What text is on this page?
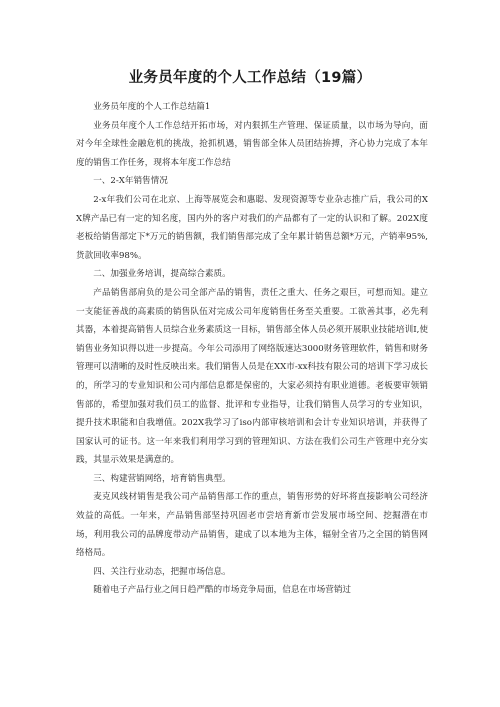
业务员年度的个人工作总结（19篇）

业务员年度的个人工作总结篇1

业务员年度个人工作总结开拓市场，对内狠抓生产管理、保证质量，以市场为导向，面对今年全球性金融危机的挑战，抢抓机遇，销售部全体人员团结拚搏，齐心协力完成了本年度的销售工作任务，现将本年度工作总结

一、2-X年销售情况

2-x年我们公司在北京、上海等展览会和惠聪、发现资源等专业杂志推广后，我公司的XX牌产品已有一定的知名度，国内外的客户对我们的产品都有了一定的认识和了解。202X度老板给销售部定下*万元的销售额，我们销售部完成了全年累计销售总额*万元，产销率95%,货款回收率98%。

二、加强业务培训，提高综合素质。

产品销售部肩负的是公司全部产品的销售，责任之重大、任务之艰巨，可想而知。建立一支能征善战的高素质的销售队伍对完成公司年度销售任务至关重要。工欲善其事，必先利其器，本着提高销售人员综合业务素质这一目标，销售部全体人员必须开展职业技能培训I,使销售业务知识得以进一步提高。今年公司添用了网络版速达3000财务管理软件，销售和财务管理可以清晰的及时性反映出来。我们销售人员是在XX市-xx科技有限公司的培训下学习成长的，所学习的专业知识和公司内部信息都是保密的，大家必须持有职业道德。老板要审领销售部的，希望加强对我们员工的监督、批评和专业指导，让我们销售人员学习的专业知识，提升技术职能和自我增值。202X我学习了iso内部审核培训和会计专业知识培训，并获得了国家认可的证书。这一年来我们利用学习到的管理知识、方法在我们公司生产管理中充分实践，其显示效果是满意的。

三、构建营销网络，培育销售典型。

麦克风线材销售是我公司产品销售部工作的重点，销售形势的好坏将直接影响公司经济效益的高低。一年来，产品销售部坚持巩固老市尝培育新市尝发展市场空间、挖掘潜在市场，利用我公司的品牌度带动产品销售，建成了以本地为主体，辐射全省乃之全国的销售网络格局。

四、关注行业动态，把握市场信息。

随着电子产品行业之间日趋严酷的市场竞争局面，信息在市场营销过
